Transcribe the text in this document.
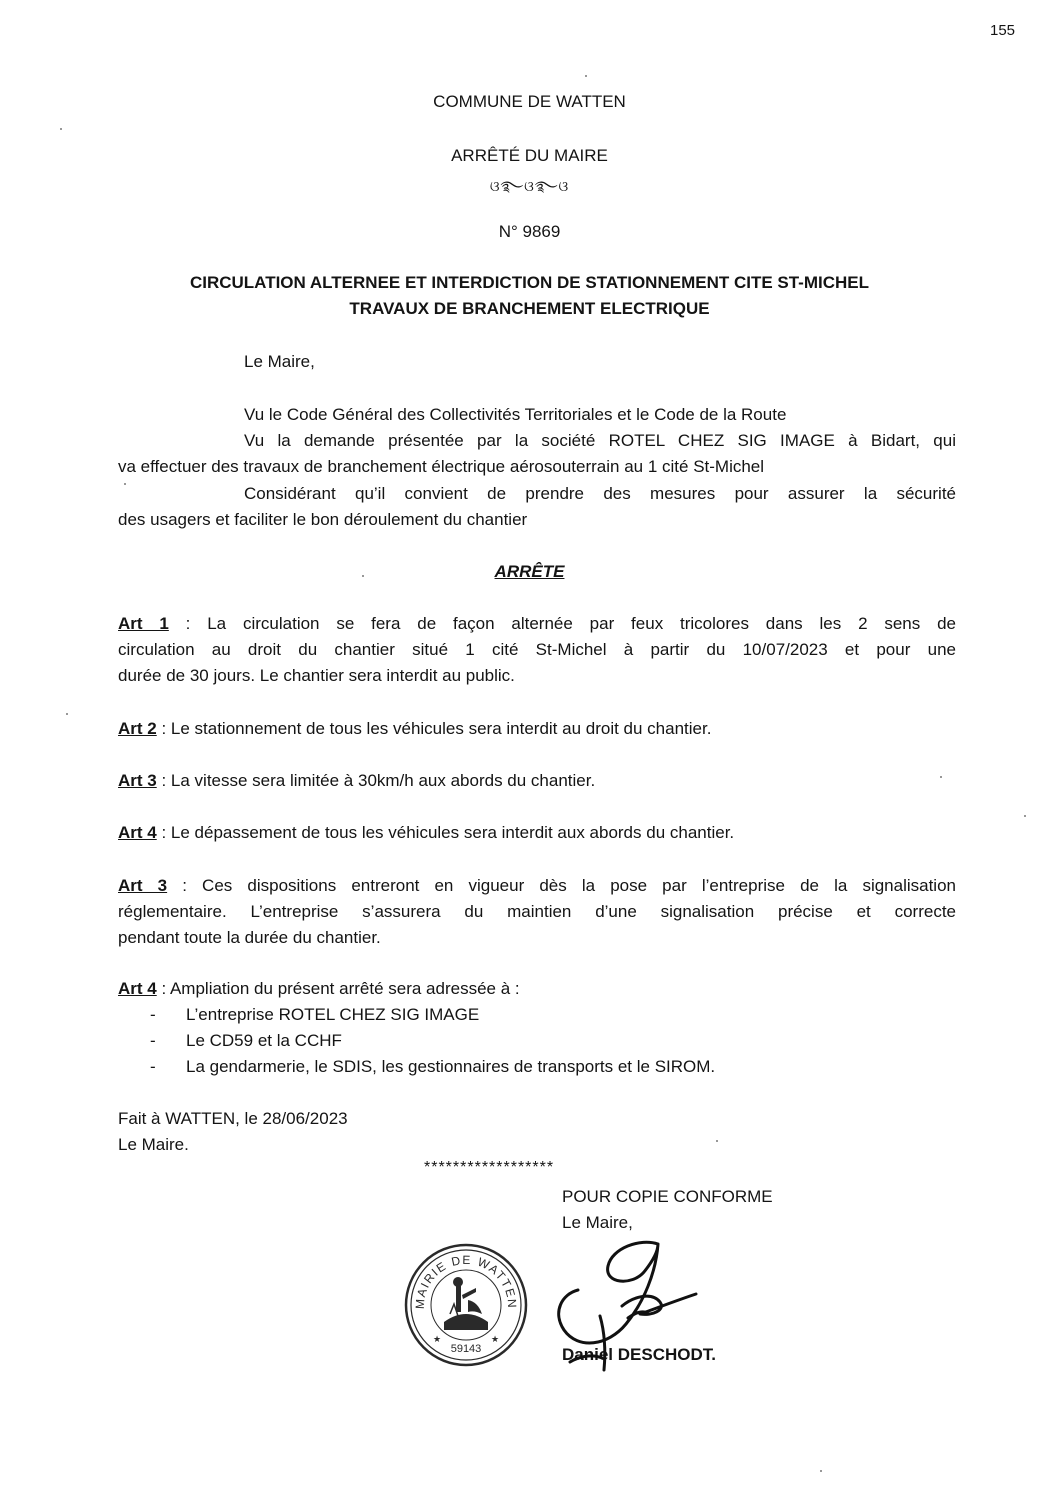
155
COMMUNE DE WATTEN
ARRÊTÉ DU MAIRE
ଓ࿐ଓ࿐ଓ
N° 9869
CIRCULATION ALTERNEE ET INTERDICTION DE STATIONNEMENT CITE ST-MICHEL
TRAVAUX DE BRANCHEMENT ELECTRIQUE
Le Maire,
Vu le Code Général des Collectivités Territoriales et le Code de la Route
Vu la demande présentée par la société ROTEL CHEZ SIG IMAGE à Bidart, qui
va effectuer des travaux de branchement électrique aérosouterrain au 1 cité St-Michel
Considérant qu’il convient de prendre des mesures pour assurer la sécurité
des usagers et faciliter le bon déroulement du chantier
ARRÊTE
Art 1 : La circulation se fera de façon alternée par feux tricolores dans les 2 sens de
circulation au droit du chantier situé 1 cité St-Michel à partir du 10/07/2023 et pour une
durée de 30 jours. Le chantier sera interdit au public.
Art 2 : Le stationnement de tous les véhicules sera interdit au droit du chantier.
Art 3 : La vitesse sera limitée à 30km/h aux abords du chantier.
Art 4 : Le dépassement de tous les véhicules sera interdit aux abords du chantier.
Art 3 : Ces dispositions entreront en vigueur dès la pose par l’entreprise de la signalisation
réglementaire. L’entreprise s’assurera du maintien d’une signalisation précise et correcte
pendant toute la durée du chantier.
Art 4 : Ampliation du présent arrêté sera adressée à :
- L’entreprise ROTEL CHEZ SIG IMAGE
- Le CD59 et la CCHF
- La gendarmerie, le SDIS, les gestionnaires de transports et le SIROM.
Fait à WATTEN, le 28/06/2023
Le Maire.
******************
POUR COPIE CONFORME
Le Maire,
Daniel DESCHODT.
MAIRIE DE WATTEN
★	★
59143
